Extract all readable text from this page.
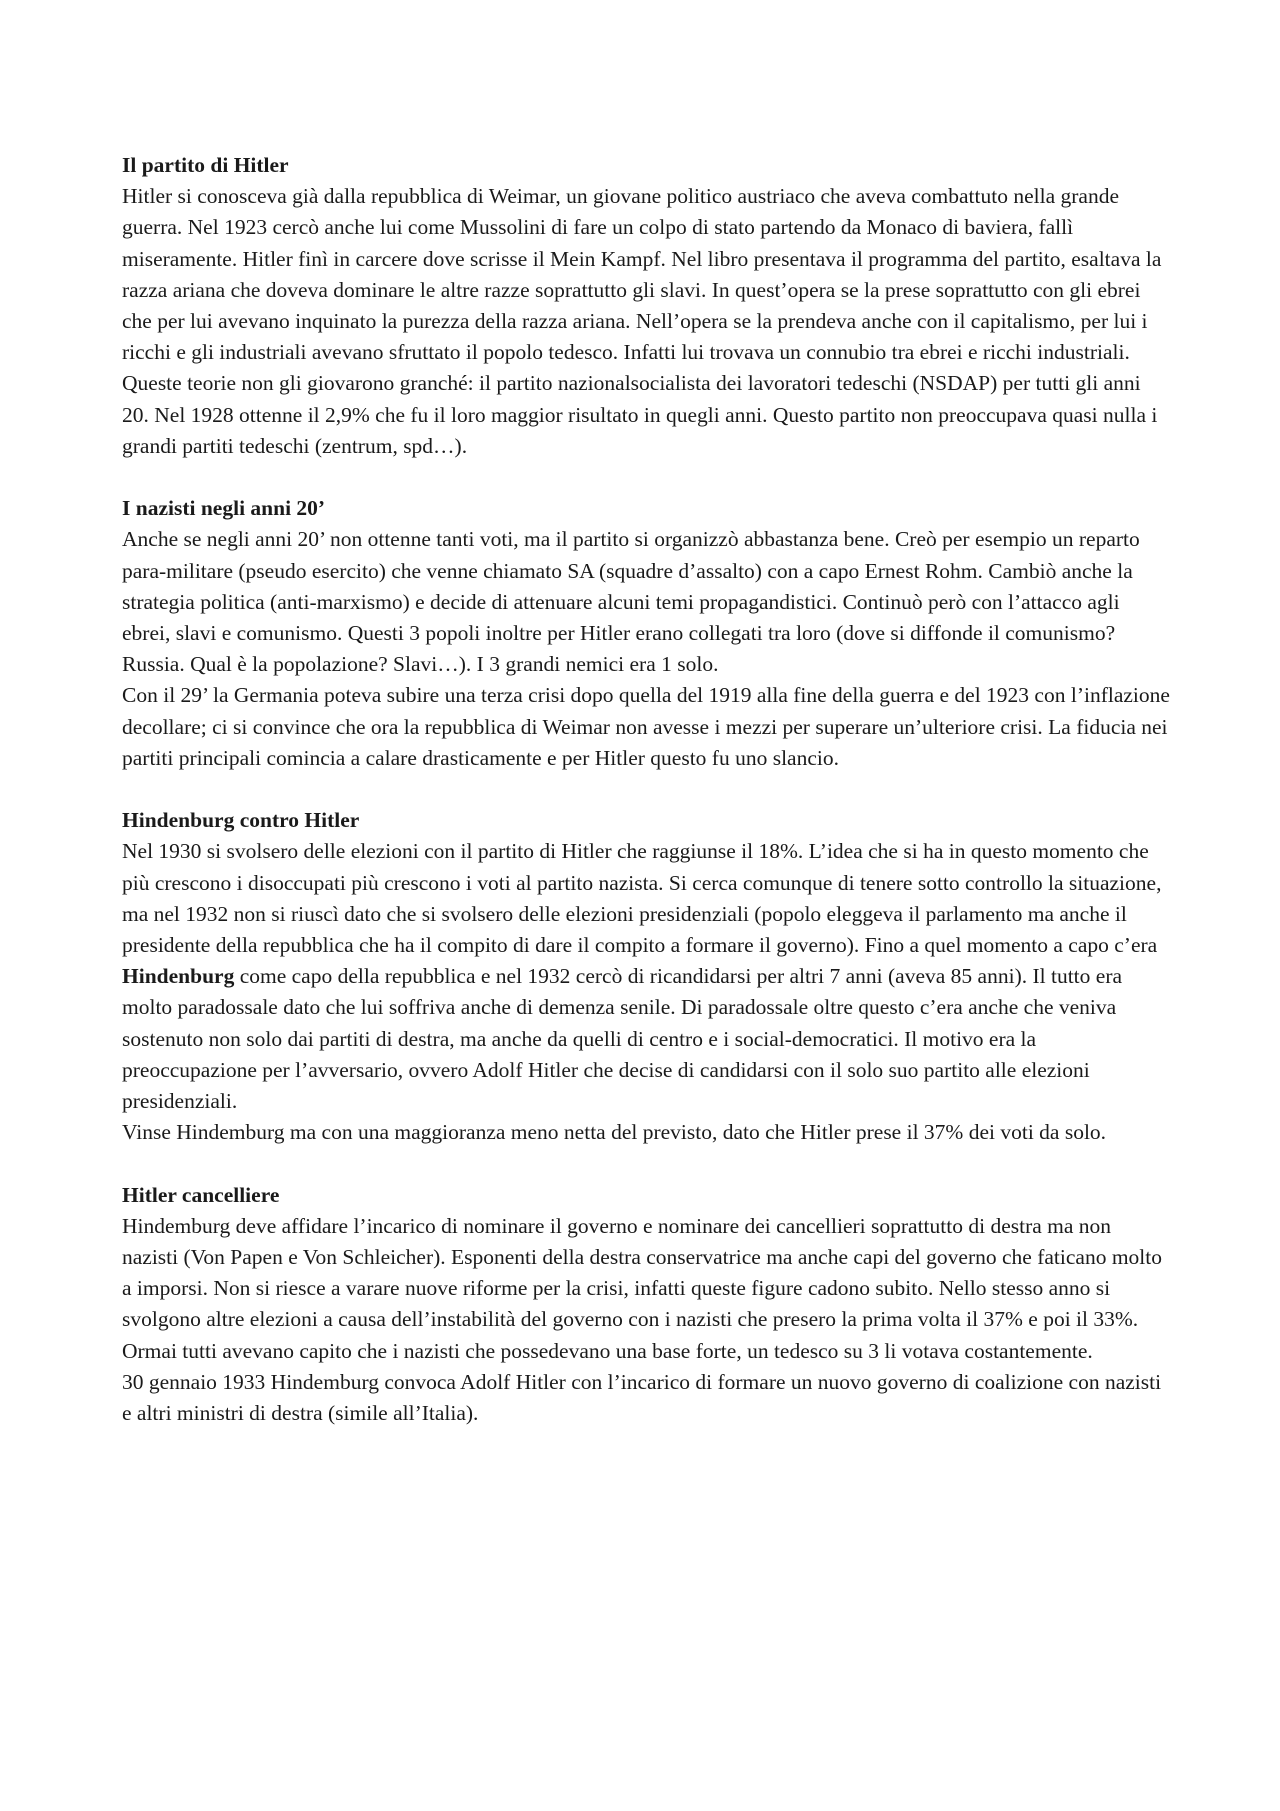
Il partito di Hitler

Hitler si conosceva già dalla repubblica di Weimar, un giovane politico austriaco che aveva combattuto nella grande guerra. Nel 1923 cercò anche lui come Mussolini di fare un colpo di stato partendo da Monaco di baviera, fallì miseramente. Hitler finì in carcere dove scrisse il Mein Kampf. Nel libro presentava il programma del partito, esaltava la razza ariana che doveva dominare le altre razze soprattutto gli slavi. In quest’opera se la prese soprattutto con gli ebrei che per lui avevano inquinato la purezza della razza ariana. Nell’opera se la prendeva anche con il capitalismo, per lui i ricchi e gli industriali avevano sfruttato il popolo tedesco. Infatti lui trovava un connubio tra ebrei e ricchi industriali. Queste teorie non gli giovarono granché: il partito nazionalsocialista dei lavoratori tedeschi (NSDAP) per tutti gli anni 20. Nel 1928 ottenne il 2,9% che fu il loro maggior risultato in quegli anni. Questo partito non preoccupava quasi nulla i grandi partiti tedeschi (zentrum, spd…).

I nazisti negli anni 20’

Anche se negli anni 20’ non ottenne tanti voti, ma il partito si organizzò abbastanza bene. Creò per esempio un reparto para-militare (pseudo esercito) che venne chiamato SA (squadre d’assalto) con a capo Ernest Rohm. Cambiò anche la strategia politica (anti-marxismo) e decide di attenuare alcuni temi propagandistici. Continuò però con l’attacco agli ebrei, slavi e comunismo. Questi 3 popoli inoltre per Hitler erano collegati tra loro (dove si diffonde il comunismo? Russia. Qual è la popolazione? Slavi…). I 3 grandi nemici era 1 solo.

Con il 29’ la Germania poteva subire una terza crisi dopo quella del 1919 alla fine della guerra e del 1923 con l’inflazione decollare; ci si convince che ora la repubblica di Weimar non avesse i mezzi per superare un’ulteriore crisi. La fiducia nei partiti principali comincia a calare drasticamente e per Hitler questo fu uno slancio.

Hindenburg contro Hitler

Nel 1930 si svolsero delle elezioni con il partito di Hitler che raggiunse il 18%. L’idea che si ha in questo momento che più crescono i disoccupati più crescono i voti al partito nazista. Si cerca comunque di tenere sotto controllo la situazione, ma nel 1932 non si riuscì dato che si svolsero delle elezioni presidenziali (popolo eleggeva il parlamento ma anche il presidente della repubblica che ha il compito di dare il compito a formare il governo). Fino a quel momento a capo c’era Hindenburg come capo della repubblica e nel 1932 cercò di ricandidarsi per altri 7 anni (aveva 85 anni). Il tutto era molto paradossale dato che lui soffriva anche di demenza senile. Di paradossale oltre questo c’era anche che veniva sostenuto non solo dai partiti di destra, ma anche da quelli di centro e i social-democratici. Il motivo era la preoccupazione per l’avversario, ovvero Adolf Hitler che decise di candidarsi con il solo suo partito alle elezioni presidenziali.

Vinse Hindemburg ma con una maggioranza meno netta del previsto, dato che Hitler prese il 37% dei voti da solo.

Hitler cancelliere

Hindemburg deve affidare l’incarico di nominare il governo e nominare dei cancellieri soprattutto di destra ma non nazisti (Von Papen e Von Schleicher). Esponenti della destra conservatrice ma anche capi del governo che faticano molto a imporsi. Non si riesce a varare nuove riforme per la crisi, infatti queste figure cadono subito. Nello stesso anno si svolgono altre elezioni a causa dell’instabilità del governo con i nazisti che presero la prima volta il 37% e poi il 33%. Ormai tutti avevano capito che i nazisti che possedevano una base forte, un tedesco su 3 li votava costantemente.

30 gennaio 1933 Hindemburg convoca Adolf Hitler con l’incarico di formare un nuovo governo di coalizione con nazisti e altri ministri di destra (simile all’Italia).
